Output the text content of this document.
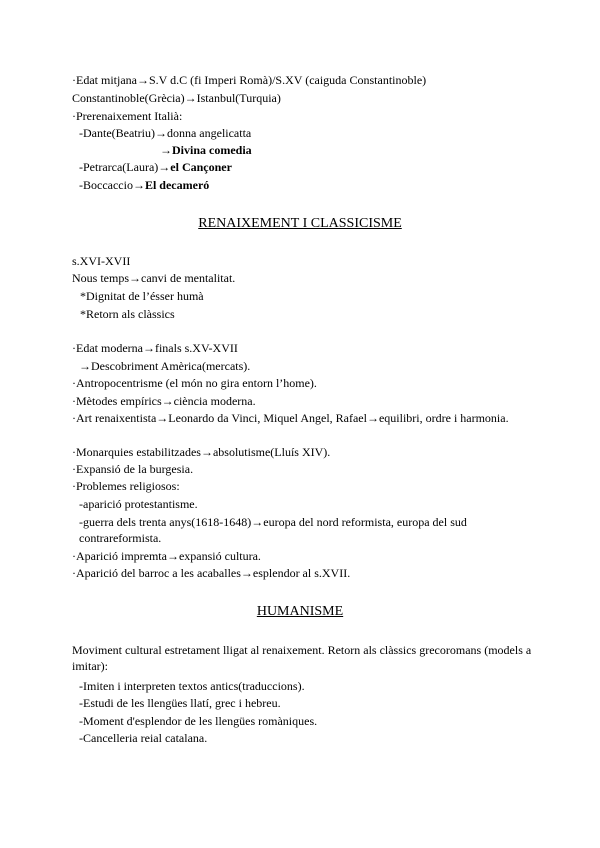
·Edat mitjana→S.V d.C (fi Imperi Romà)/S.XV (caiguda Constantinoble)
Constantinoble(Grècia)→Istanbul(Turquia)
·Prerenaixement Italià:
-Dante(Beatriu)→donna angelicatta
→Divina comedia
-Petrarca(Laura)→el Cançoner
-Boccaccio→El decameró
RENAIXEMENT I CLASSICISME
s.XVI-XVII
Nous temps→canvi de mentalitat.
*Dignitat de l’ésser humà
*Retorn als clàssics
·Edat moderna→finals s.XV-XVII
→Descobriment Amèrica(mercats).
·Antropocentrisme (el món no gira entorn l’home).
·Mètodes empírics→ciència moderna.
·Art renaixentista→Leonardo da Vinci, Miquel Angel, Rafael→equilibri, ordre i harmonia.
·Monarquies estabilitzades→absolutisme(Lluís XIV).
·Expansió de la burgesia.
·Problemes religiosos:
-aparició protestantisme.
-guerra dels trenta anys(1618-1648)→europa del nord reformista, europa del sud contrareformista.
·Aparició impremta→expansió cultura.
·Aparició del barroc a les acaballes→esplendor al s.XVII.
HUMANISME
Moviment cultural estretament lligat al renaixement. Retorn als clàssics grecoromans (models a imitar):
-Imiten i interpreten textos antics(traduccions).
-Estudi de les llengües llatí, grec i hebreu.
-Moment d'esplendor de les llengües romàniques.
-Cancelleria reial catalana.
